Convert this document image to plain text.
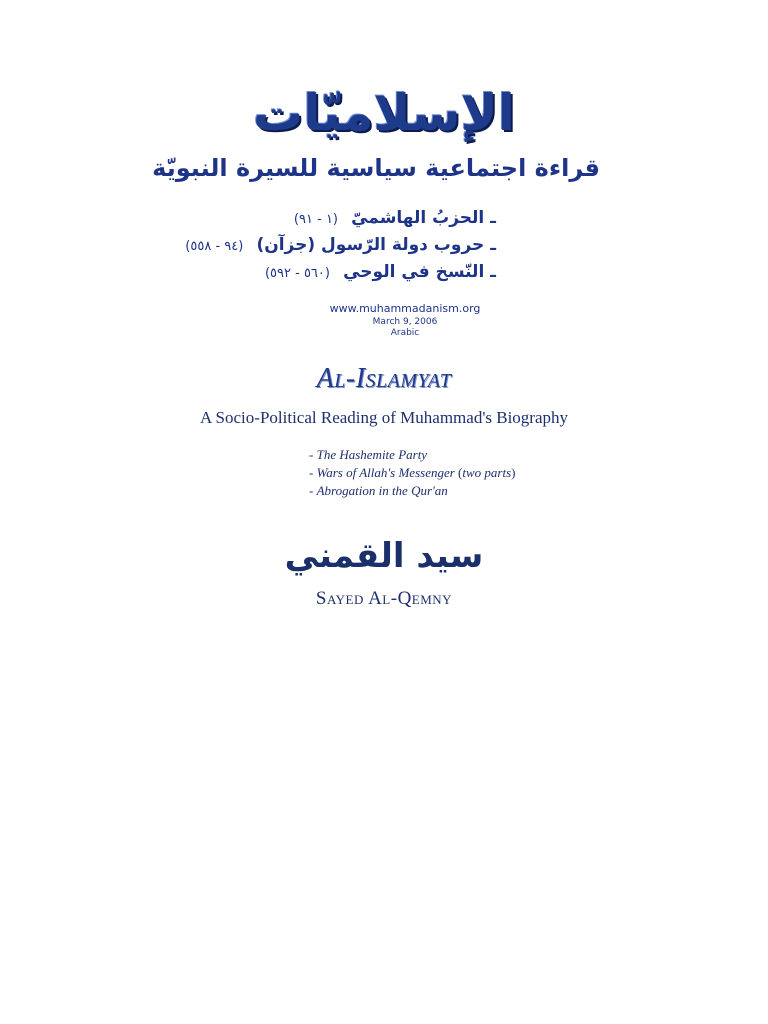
الإسلاميّات
قراءة اجتماعية سياسية للسيرة النبويّة
ـ الحزبُ الهاشميّ (١ - ٩١)
ـ حروب دولة الرّسول (جزآن) (٩٤ - ٥٥٨)
ـ النّسخ في الوحي (٥٦٠ - ٥٩٢)
www.muhammadanism.org
March 9, 2006
Arabic
Al-Islamyat
A Socio-Political Reading of Muhammad's Biography
- The Hashemite Party
- Wars of Allah's Messenger (two parts)
- Abrogation in the Qur'an
سيد القمني
Sayed Al-Qemny
